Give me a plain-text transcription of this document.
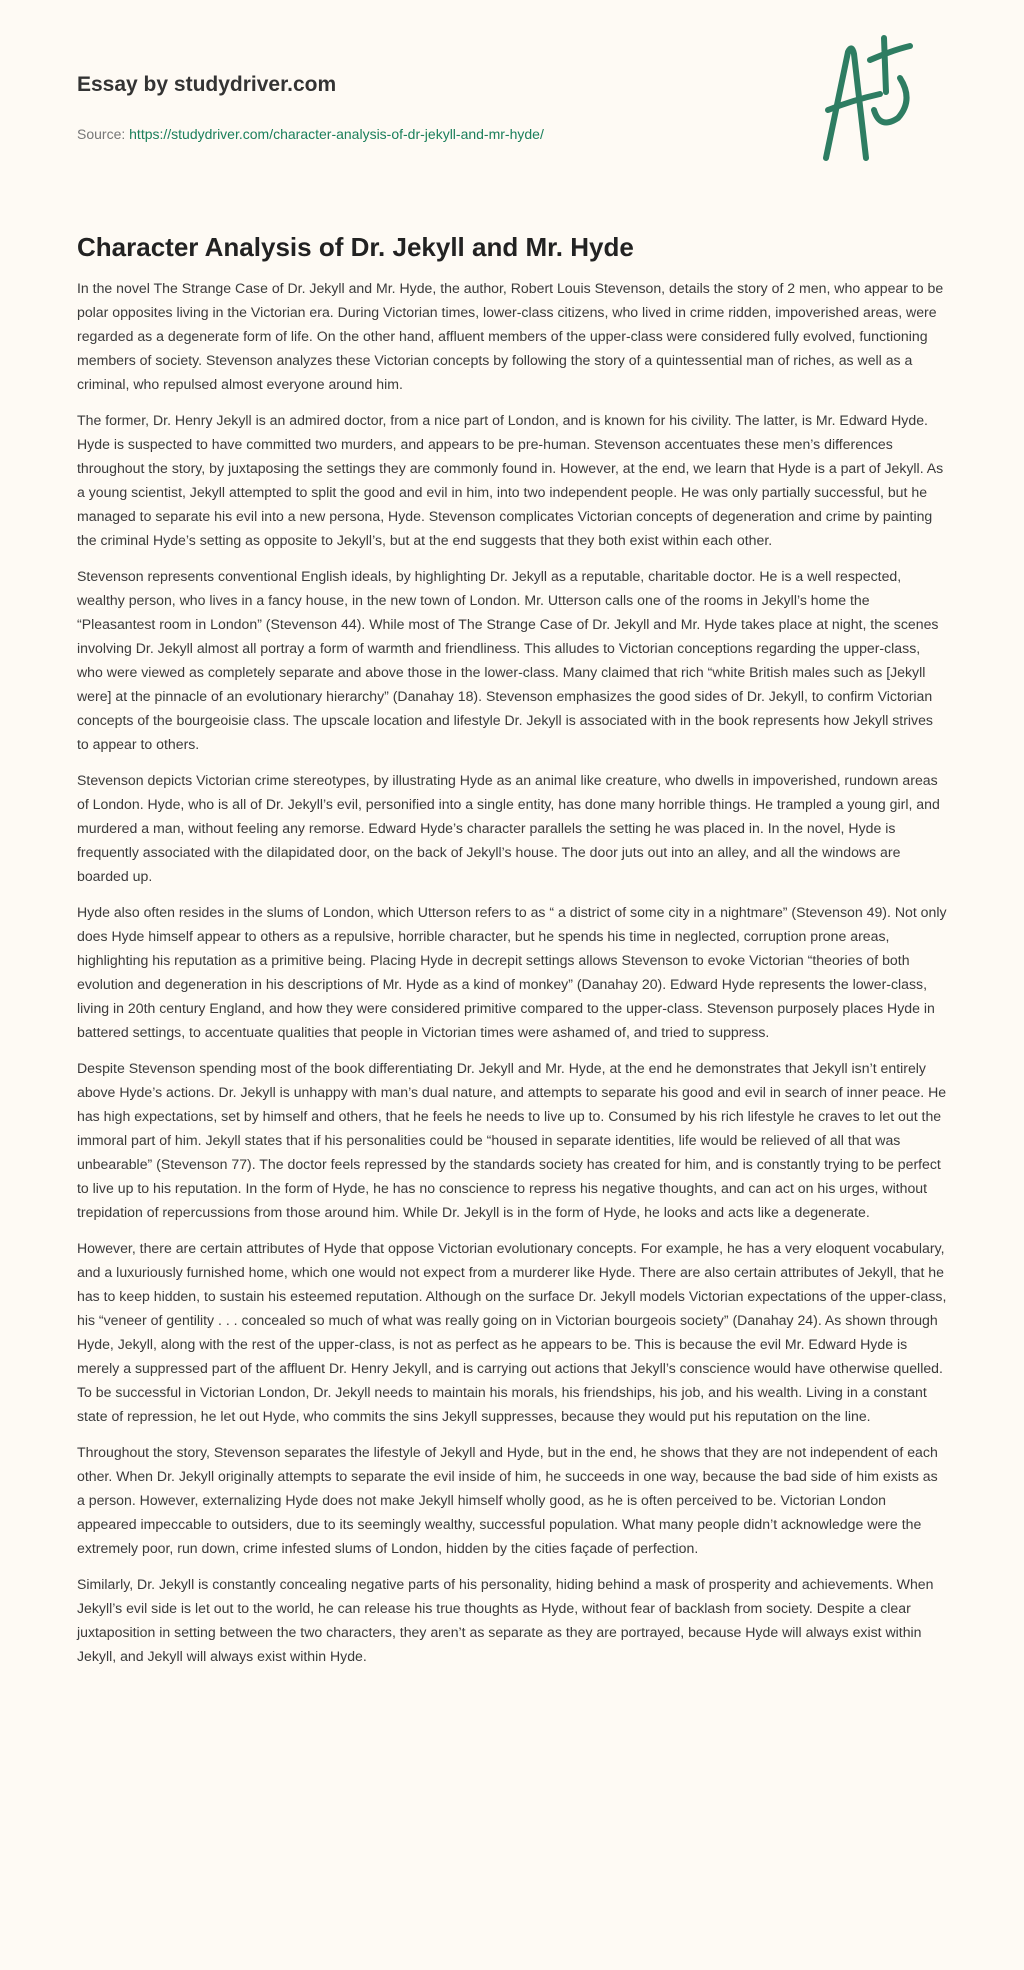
Essay by studydriver.com
Source: https://studydriver.com/character-analysis-of-dr-jekyll-and-mr-hyde/
Character Analysis of Dr. Jekyll and Mr. Hyde

In the novel The Strange Case of Dr. Jekyll and Mr. Hyde, the author, Robert Louis Stevenson, details the story of 2 men, who appear to be polar opposites living in the Victorian era. During Victorian times, lower-class citizens, who lived in crime ridden, impoverished areas, were regarded as a degenerate form of life. On the other hand, affluent members of the upper-class were considered fully evolved, functioning members of society. Stevenson analyzes these Victorian concepts by following the story of a quintessential man of riches, as well as a criminal, who repulsed almost everyone around him.

The former, Dr. Henry Jekyll is an admired doctor, from a nice part of London, and is known for his civility. The latter, is Mr. Edward Hyde. Hyde is suspected to have committed two murders, and appears to be pre-human. Stevenson accentuates these men’s differences throughout the story, by juxtaposing the settings they are commonly found in. However, at the end, we learn that Hyde is a part of Jekyll. As a young scientist, Jekyll attempted to split the good and evil in him, into two independent people. He was only partially successful, but he managed to separate his evil into a new persona, Hyde. Stevenson complicates Victorian concepts of degeneration and crime by painting the criminal Hyde’s setting as opposite to Jekyll’s, but at the end suggests that they both exist within each other.

Stevenson represents conventional English ideals, by highlighting Dr. Jekyll as a reputable, charitable doctor. He is a well respected, wealthy person, who lives in a fancy house, in the new town of London. Mr. Utterson calls one of the rooms in Jekyll’s home the “Pleasantest room in London” (Stevenson 44). While most of The Strange Case of Dr. Jekyll and Mr. Hyde takes place at night, the scenes involving Dr. Jekyll almost all portray a form of warmth and friendliness. This alludes to Victorian conceptions regarding the upper-class, who were viewed as completely separate and above those in the lower-class. Many claimed that rich “white British males such as [Jekyll were] at the pinnacle of an evolutionary hierarchy” (Danahay 18). Stevenson emphasizes the good sides of Dr. Jekyll, to confirm Victorian concepts of the bourgeoisie class. The upscale location and lifestyle Dr. Jekyll is associated with in the book represents how Jekyll strives to appear to others.

Stevenson depicts Victorian crime stereotypes, by illustrating Hyde as an animal like creature, who dwells in impoverished, rundown areas of London. Hyde, who is all of Dr. Jekyll’s evil, personified into a single entity, has done many horrible things. He trampled a young girl, and murdered a man, without feeling any remorse. Edward Hyde’s character parallels the setting he was placed in. In the novel, Hyde is frequently associated with the dilapidated door, on the back of Jekyll’s house. The door juts out into an alley, and all the windows are boarded up.

Hyde also often resides in the slums of London, which Utterson refers to as “ a district of some city in a nightmare” (Stevenson 49). Not only does Hyde himself appear to others as a repulsive, horrible character, but he spends his time in neglected, corruption prone areas, highlighting his reputation as a primitive being. Placing Hyde in decrepit settings allows Stevenson to evoke Victorian “theories of both evolution and degeneration in his descriptions of Mr. Hyde as a kind of monkey” (Danahay 20). Edward Hyde represents the lower-class, living in 20th century England, and how they were considered primitive compared to the upper-class. Stevenson purposely places Hyde in battered settings, to accentuate qualities that people in Victorian times were ashamed of, and tried to suppress.

Despite Stevenson spending most of the book differentiating Dr. Jekyll and Mr. Hyde, at the end he demonstrates that Jekyll isn’t entirely above Hyde’s actions. Dr. Jekyll is unhappy with man’s dual nature, and attempts to separate his good and evil in search of inner peace. He has high expectations, set by himself and others, that he feels he needs to live up to. Consumed by his rich lifestyle he craves to let out the immoral part of him. Jekyll states that if his personalities could be “housed in separate identities, life would be relieved of all that was unbearable” (Stevenson 77). The doctor feels repressed by the standards society has created for him, and is constantly trying to be perfect to live up to his reputation. In the form of Hyde, he has no conscience to repress his negative thoughts, and can act on his urges, without trepidation of repercussions from those around him. While Dr. Jekyll is in the form of Hyde, he looks and acts like a degenerate.

However, there are certain attributes of Hyde that oppose Victorian evolutionary concepts. For example, he has a very eloquent vocabulary, and a luxuriously furnished home, which one would not expect from a murderer like Hyde. There are also certain attributes of Jekyll, that he has to keep hidden, to sustain his esteemed reputation. Although on the surface Dr. Jekyll models Victorian expectations of the upper-class, his “veneer of gentility . . . concealed so much of what was really going on in Victorian bourgeois society” (Danahay 24). As shown through Hyde, Jekyll, along with the rest of the upper-class, is not as perfect as he appears to be. This is because the evil Mr. Edward Hyde is merely a suppressed part of the affluent Dr. Henry Jekyll, and is carrying out actions that Jekyll’s conscience would have otherwise quelled. To be successful in Victorian London, Dr. Jekyll needs to maintain his morals, his friendships, his job, and his wealth. Living in a constant state of repression, he let out Hyde, who commits the sins Jekyll suppresses, because they would put his reputation on the line.

Throughout the story, Stevenson separates the lifestyle of Jekyll and Hyde, but in the end, he shows that they are not independent of each other. When Dr. Jekyll originally attempts to separate the evil inside of him, he succeeds in one way, because the bad side of him exists as a person. However, externalizing Hyde does not make Jekyll himself wholly good, as he is often perceived to be. Victorian London appeared impeccable to outsiders, due to its seemingly wealthy, successful population. What many people didn’t acknowledge were the extremely poor, run down, crime infested slums of London, hidden by the cities façade of perfection.

Similarly, Dr. Jekyll is constantly concealing negative parts of his personality, hiding behind a mask of prosperity and achievements. When Jekyll’s evil side is let out to the world, he can release his true thoughts as Hyde, without fear of backlash from society. Despite a clear juxtaposition in setting between the two characters, they aren’t as separate as they are portrayed, because Hyde will always exist within Jekyll, and Jekyll will always exist within Hyde.
